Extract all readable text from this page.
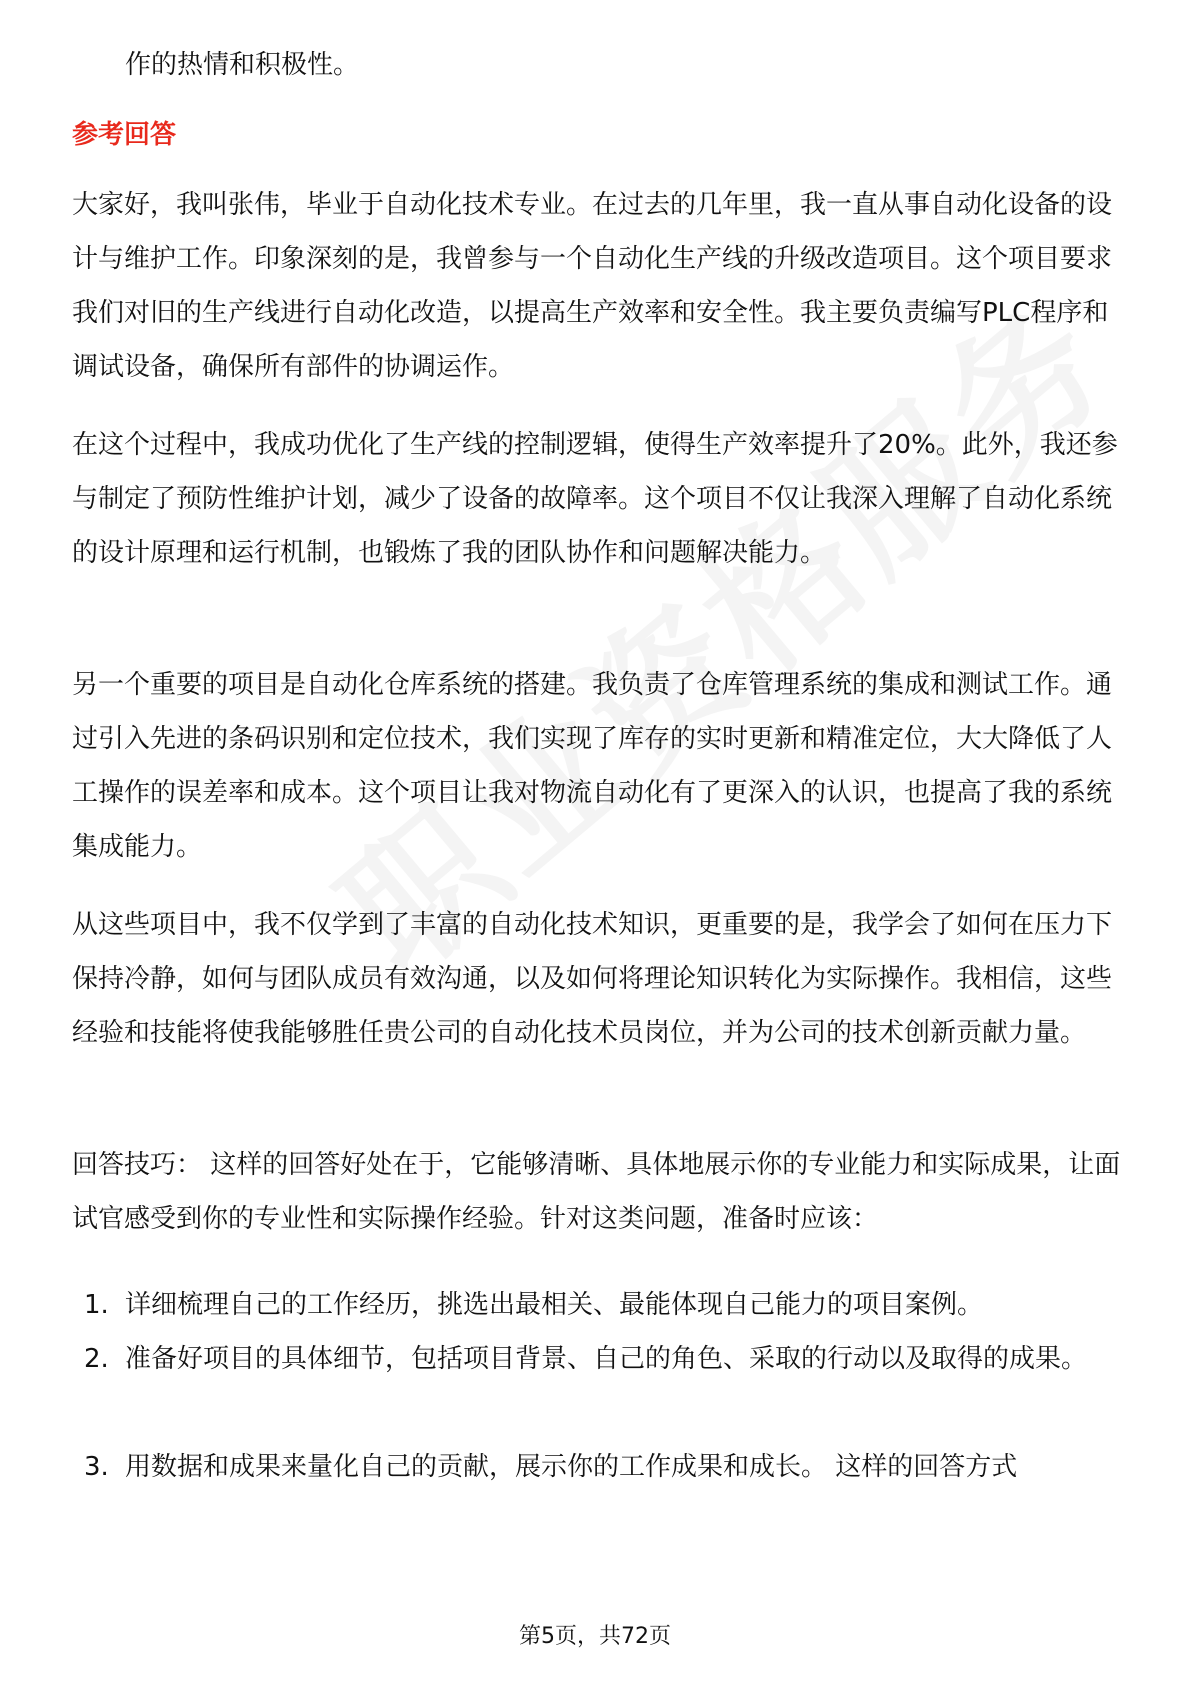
作的热情和积极性。

参考回答

大家好，我叫张伟，毕业于自动化技术专业。在过去的几年里，我一直从事自动化设备的设计与维护工作。印象深刻的是，我曾参与一个自动化生产线的升级改造项目。这个项目要求我们对旧的生产线进行自动化改造，以提高生产效率和安全性。我主要负责编写PLC程序和调试设备，确保所有部件的协调运作。

在这个过程中，我成功优化了生产线的控制逻辑，使得生产效率提升了20%。此外，我还参与制定了预防性维护计划，减少了设备的故障率。这个项目不仅让我深入理解了自动化系统的设计原理和运行机制，也锻炼了我的团队协作和问题解决能力。

另一个重要的项目是自动化仓库系统的搭建。我负责了仓库管理系统的集成和测试工作。通过引入先进的条码识别和定位技术，我们实现了库存的实时更新和精准定位，大大降低了人工操作的误差率和成本。这个项目让我对物流自动化有了更深入的认识，也提高了我的系统集成能力。

从这些项目中，我不仅学到了丰富的自动化技术知识，更重要的是，我学会了如何在压力下保持冷静，如何与团队成员有效沟通，以及如何将理论知识转化为实际操作。我相信，这些经验和技能将使我能够胜任贵公司的自动化技术员岗位，并为公司的技术创新贡献力量。

回答技巧： 这样的回答好处在于，它能够清晰、具体地展示你的专业能力和实际成果，让面试官感受到你的专业性和实际操作经验。针对这类问题，准备时应该：

1. 详细梳理自己的工作经历，挑选出最相关、最能体现自己能力的项目案例。
2. 准备好项目的具体细节，包括项目背景、自己的角色、采取的行动以及取得的成果。
3. 用数据和成果来量化自己的贡献，展示你的工作成果和成长。 这样的回答方式
第5页，共72页
